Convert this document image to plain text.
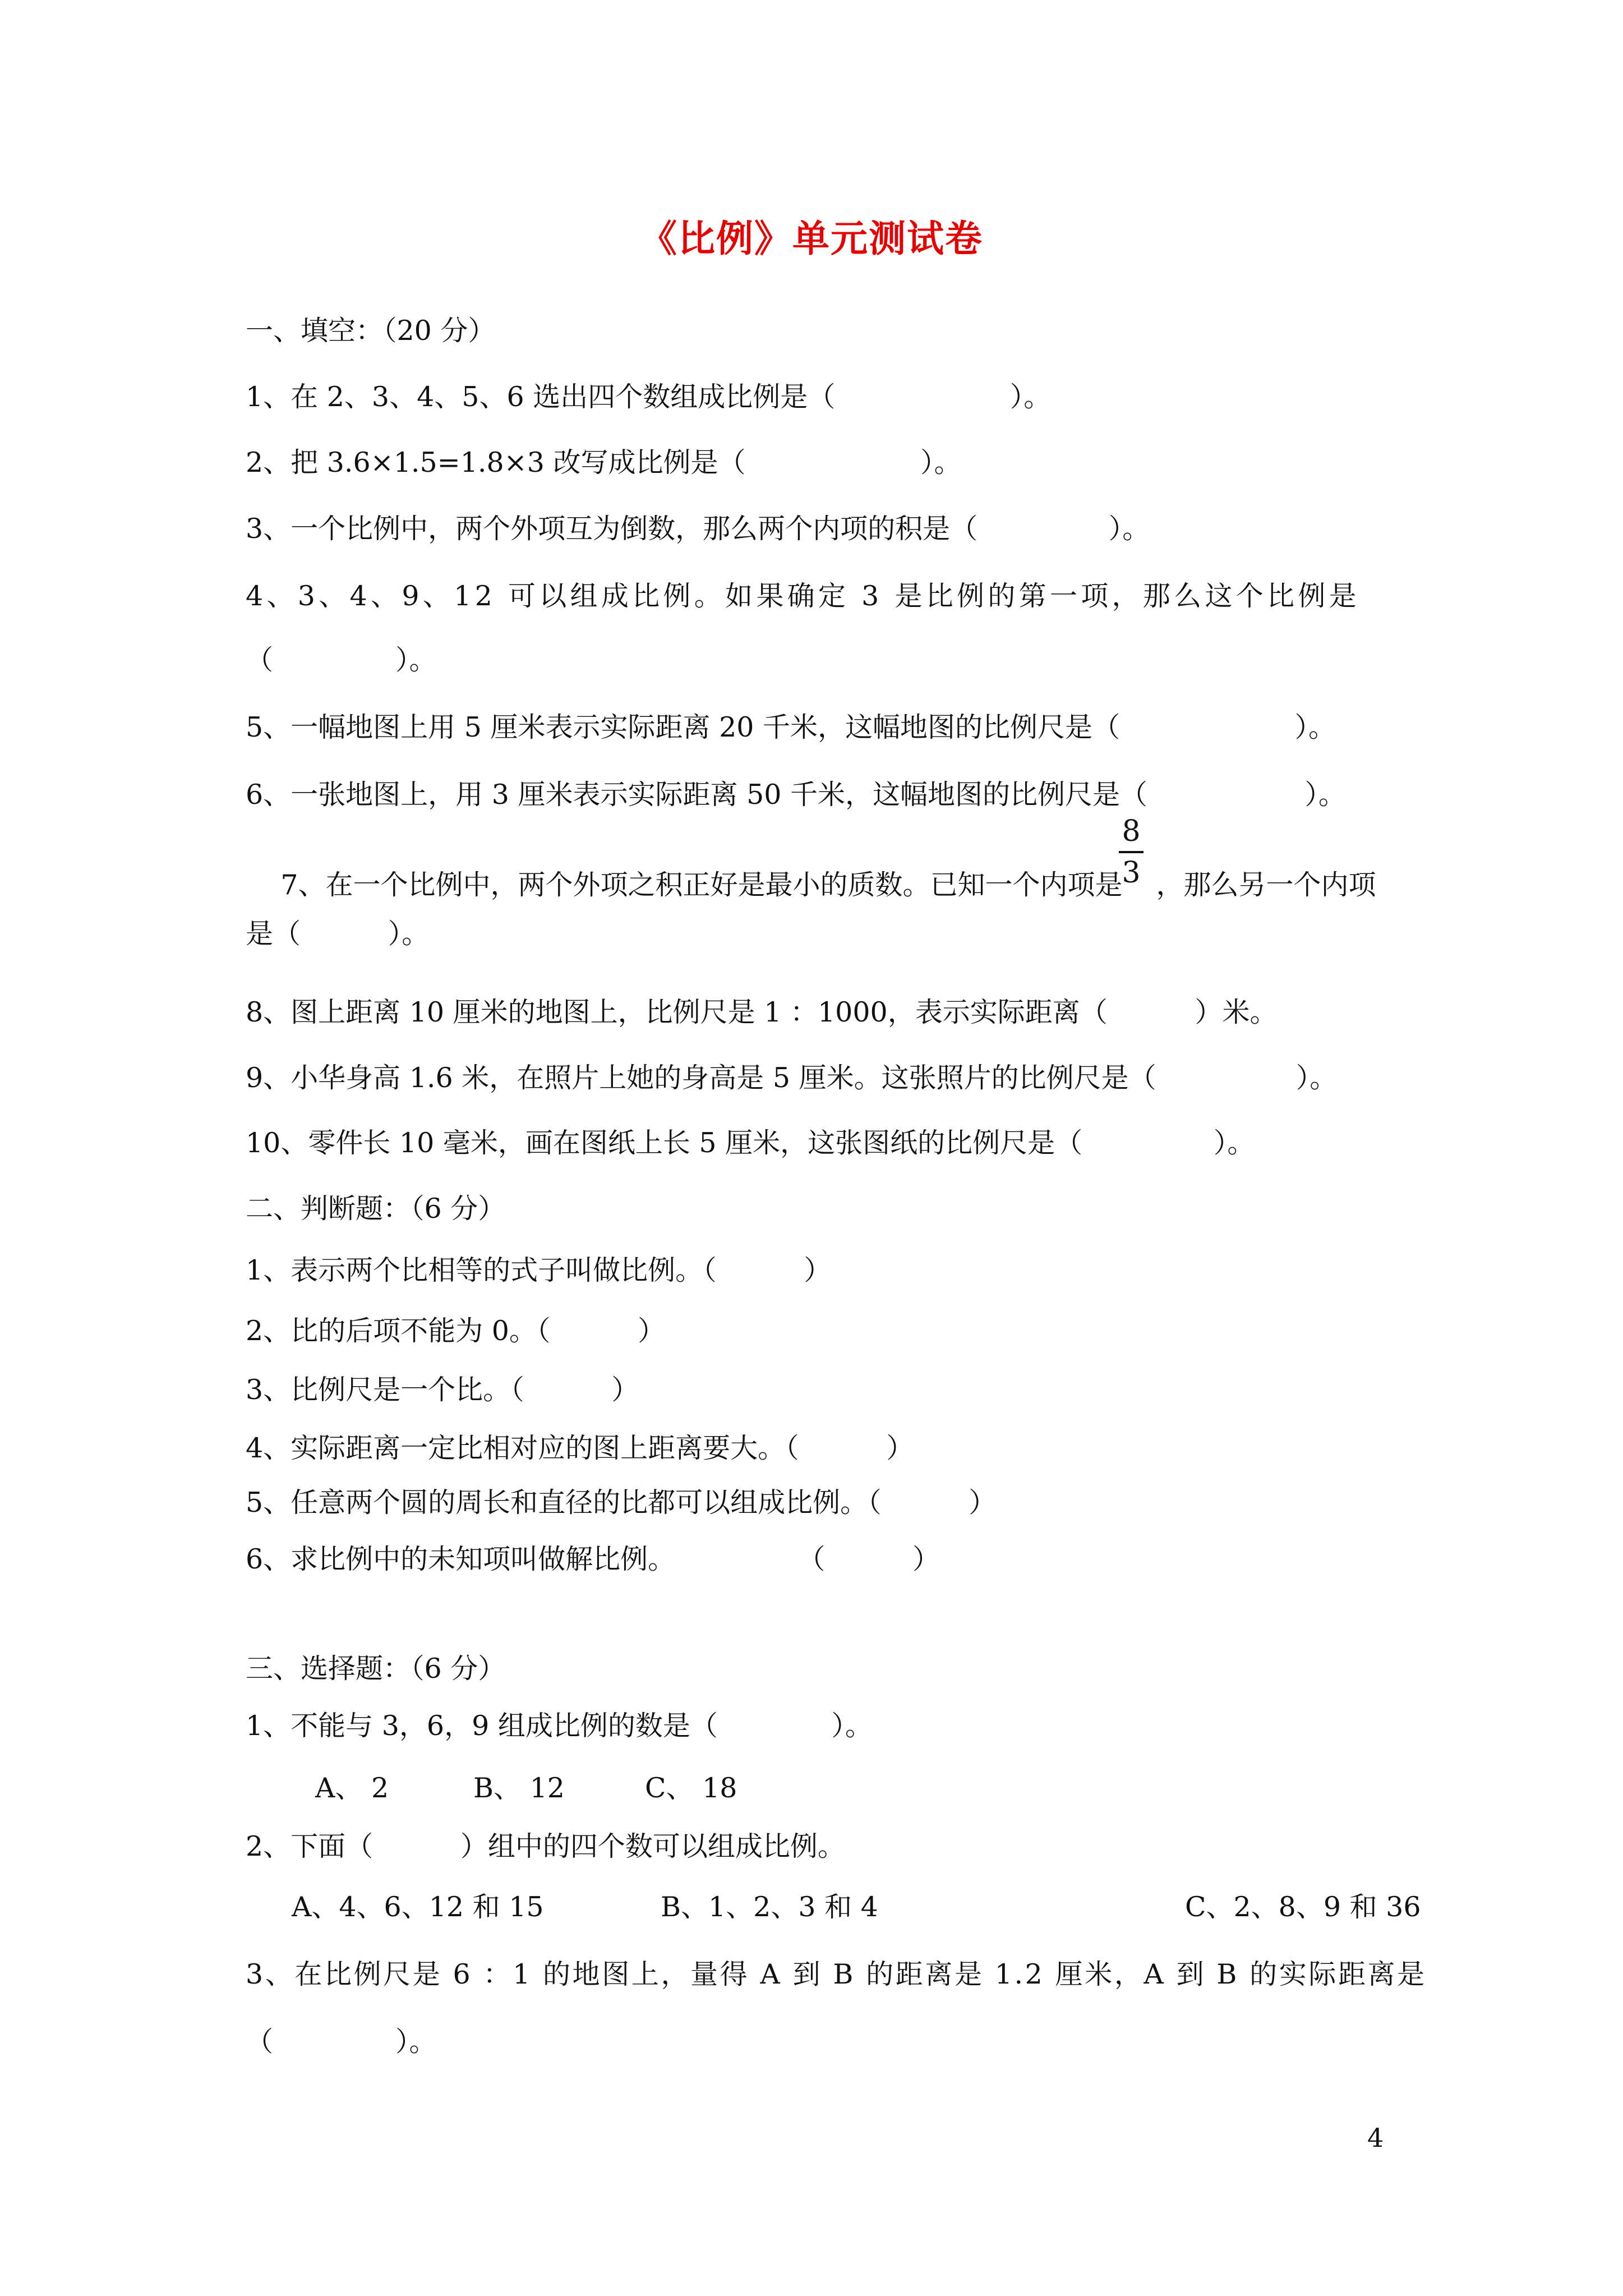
《比例》单元测试卷
一、填空：（20 分）
1、在 2、3、4、5、6 选出四个数组成比例是（                    ）。
2、把 3.6×1.5=1.8×3 改写成比例是（                    ）。
3、一个比例中，两个外项互为倒数，那么两个内项的积是（               ）。
4、3、4、9、12 可以组成比例。如果确定 3 是比例的第一项，那么这个比例是
（              ）。
5、一幅地图上用 5 厘米表示实际距离 20 千米，这幅地图的比例尺是（                    ）。
6、一张地图上，用 3 厘米表示实际距离 50 千米，这幅地图的比例尺是（                  ）。

7、在一个比例中，两个外项之积正好是最小的质数。已知一个内项是 ，那么另一个内项

8
3
是（          ）。
8、图上距离 10 厘米的地图上，比例尺是 1 ：1000，表示实际距离（          ）米。
9、小华身高 1.6 米，在照片上她的身高是 5 厘米。这张照片的比例尺是（                ）。
10、零件长 10 毫米，画在图纸上长 5 厘米，这张图纸的比例尺是（               ）。
二、判断题：（6 分）
1、表示两个比相等的式子叫做比例。（          ）
2、比的后项不能为 0。（          ）
3、比例尺是一个比。（          ）
4、实际距离一定比相对应的图上距离要大。（          ）
5、任意两个圆的周长和直径的比都可以组成比例。（          ）
6、求比例中的未知项叫做解比例。              （          ）
三、选择题：（6 分）
1、不能与 3，6，9 组成比例的数是（             ）。
A、 2	B、 12	C、 18
2、下面（          ）组中的四个数可以组成比例。
A、4、6、12 和 15	B、1、2、3 和 4	C、2、8、9 和 36
3、在比例尺是 6 ：1 的地图上，量得 A 到 B 的距离是 1.2 厘米，A 到 B 的实际距离是
（              ）。
4
